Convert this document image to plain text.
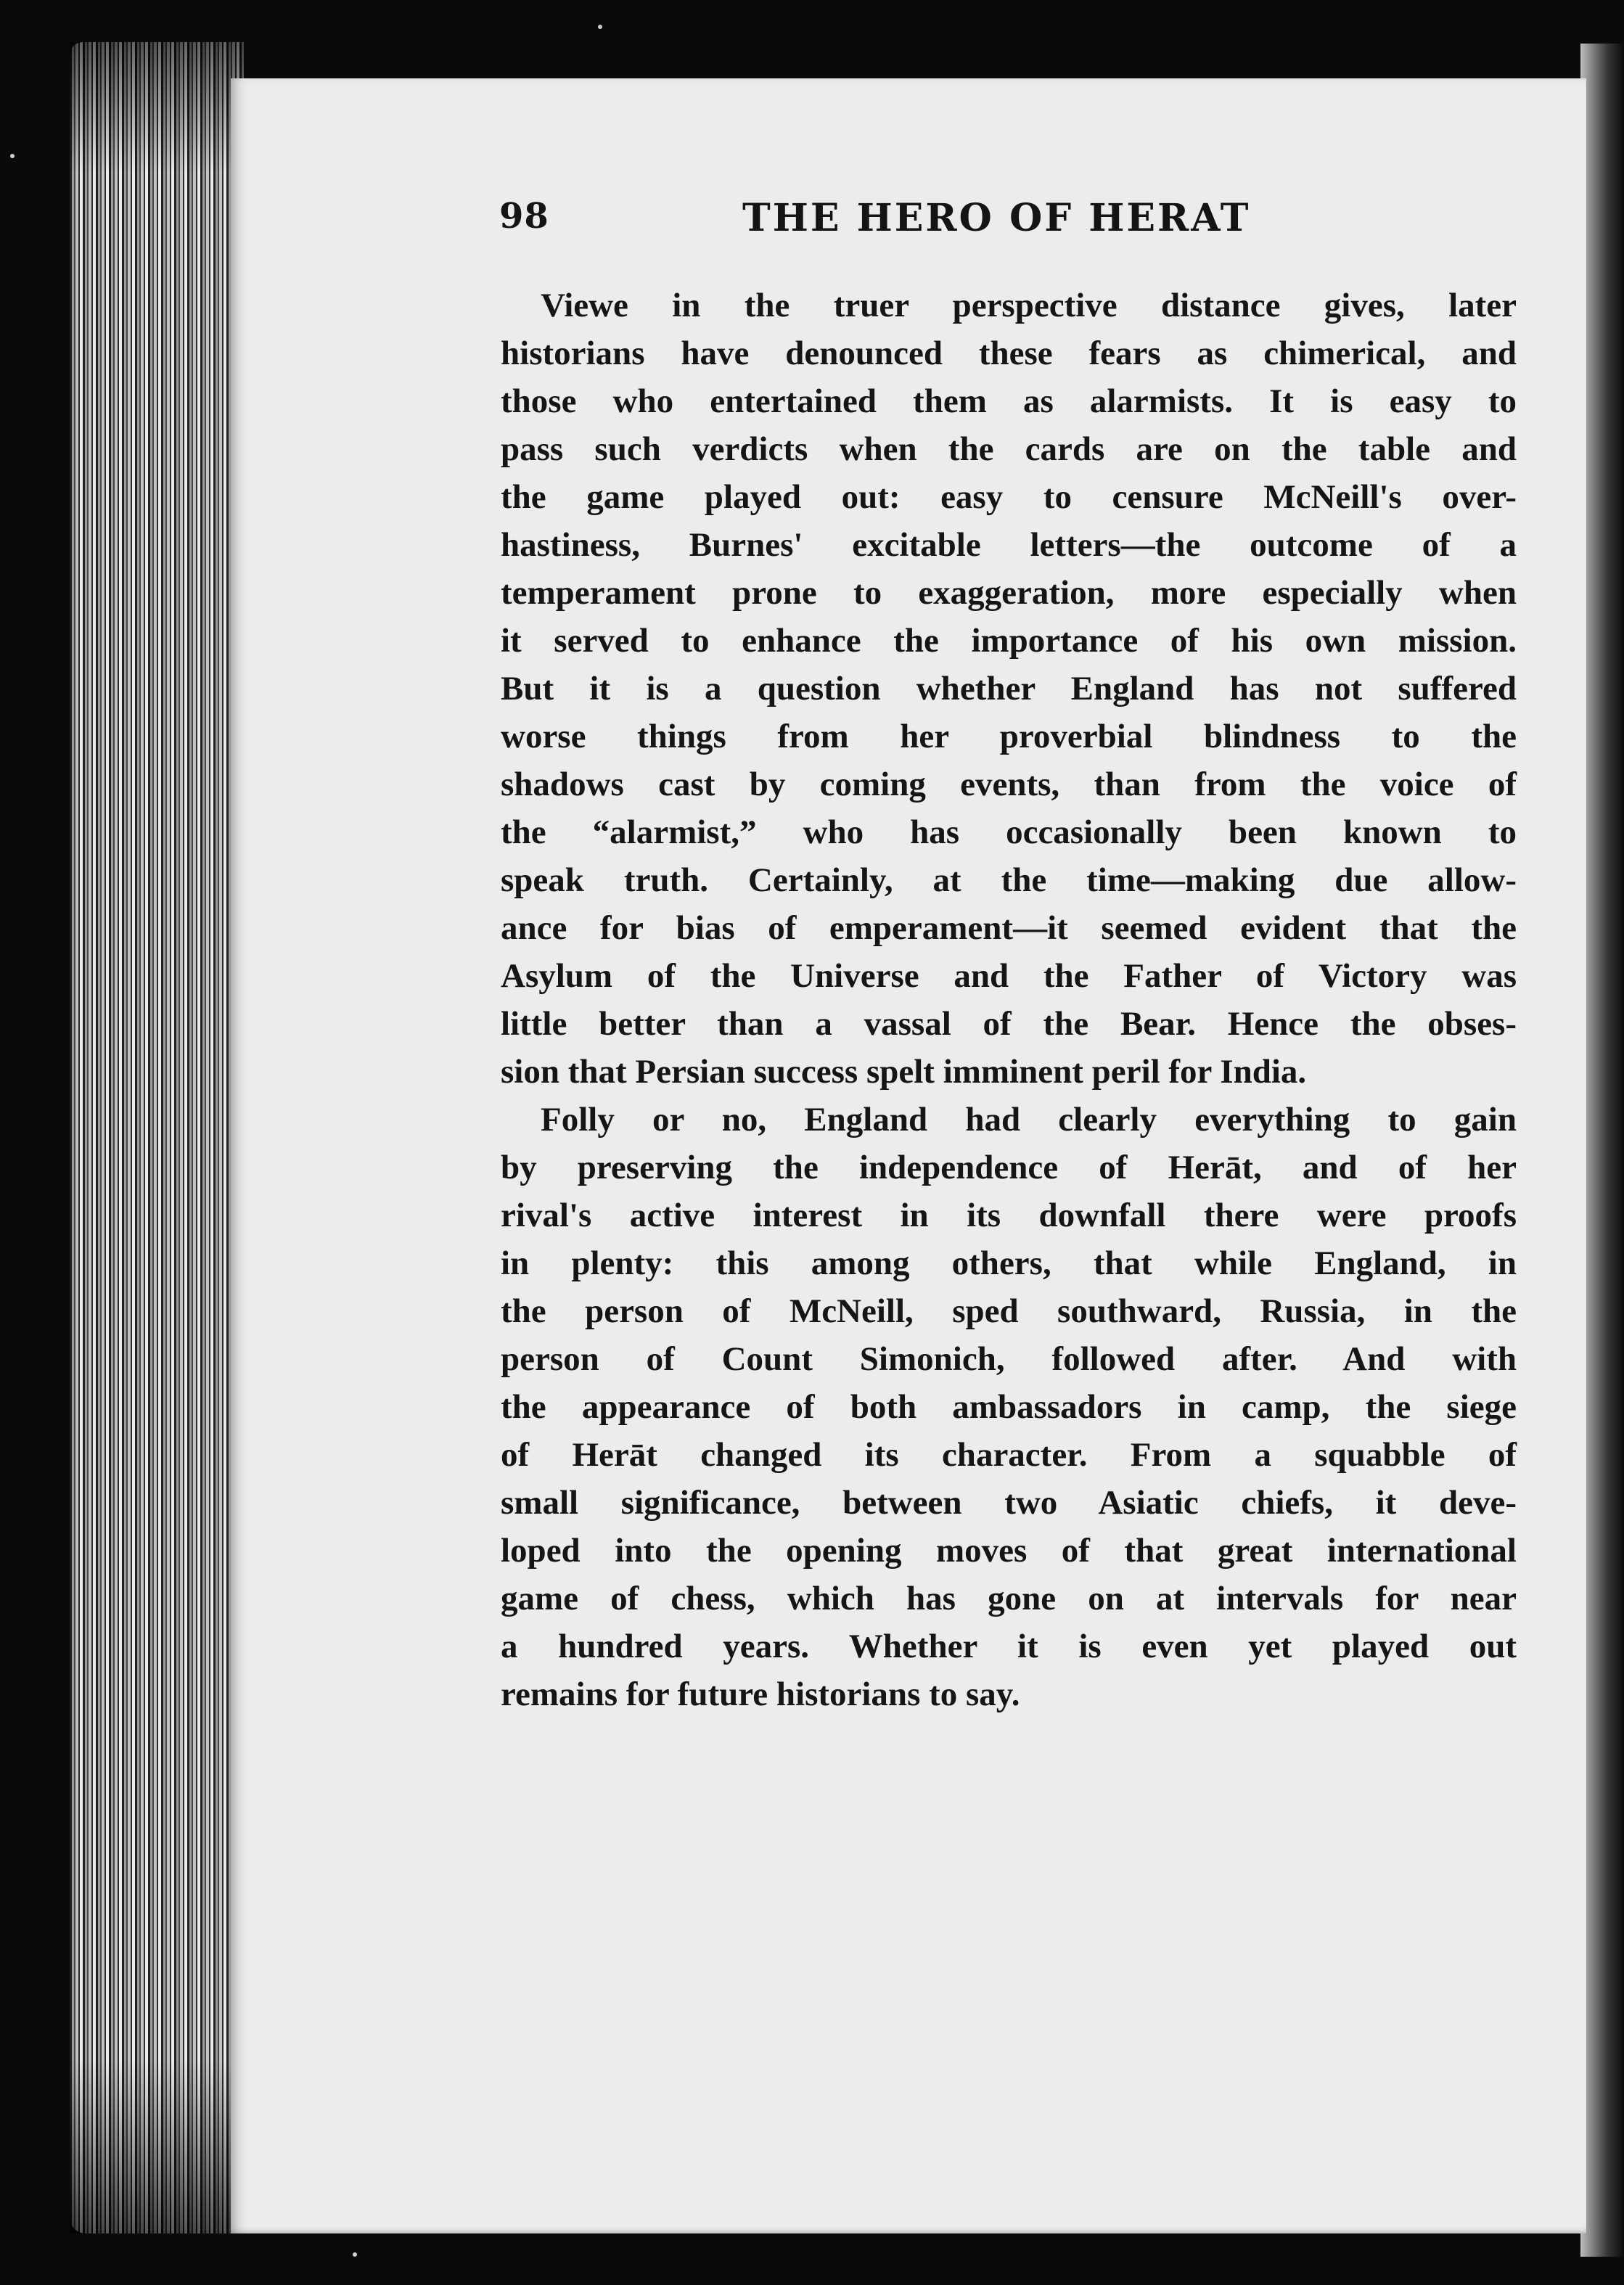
98	THE HERO OF HERAT
Viewe in the truer perspective distance gives, later
historians have denounced these fears as chimerical, and
those who entertained them as alarmists. It is easy to
pass such verdicts when the cards are on the table and
the game played out: easy to censure McNeill's over-
hastiness, Burnes' excitable letters—the outcome of a
temperament prone to exaggeration, more especially when
it served to enhance the importance of his own mission.
But it is a question whether England has not suffered
worse things from her proverbial blindness to the
shadows cast by coming events, than from the voice of
the “alarmist,” who has occasionally been known to
speak truth. Certainly, at the time—making due allow-
ance for bias of emperament—it seemed evident that the
Asylum of the Universe and the Father of Victory was
little better than a vassal of the Bear. Hence the obses-
sion that Persian success spelt imminent peril for India.
Folly or no, England had clearly everything to gain
by preserving the independence of Herāt, and of her
rival's active interest in its downfall there were proofs
in plenty: this among others, that while England, in
the person of McNeill, sped southward, Russia, in the
person of Count Simonich, followed after. And with
the appearance of both ambassadors in camp, the siege
of Herāt changed its character. From a squabble of
small significance, between two Asiatic chiefs, it deve-
loped into the opening moves of that great international
game of chess, which has gone on at intervals for near
a hundred years. Whether it is even yet played out
remains for future historians to say.
